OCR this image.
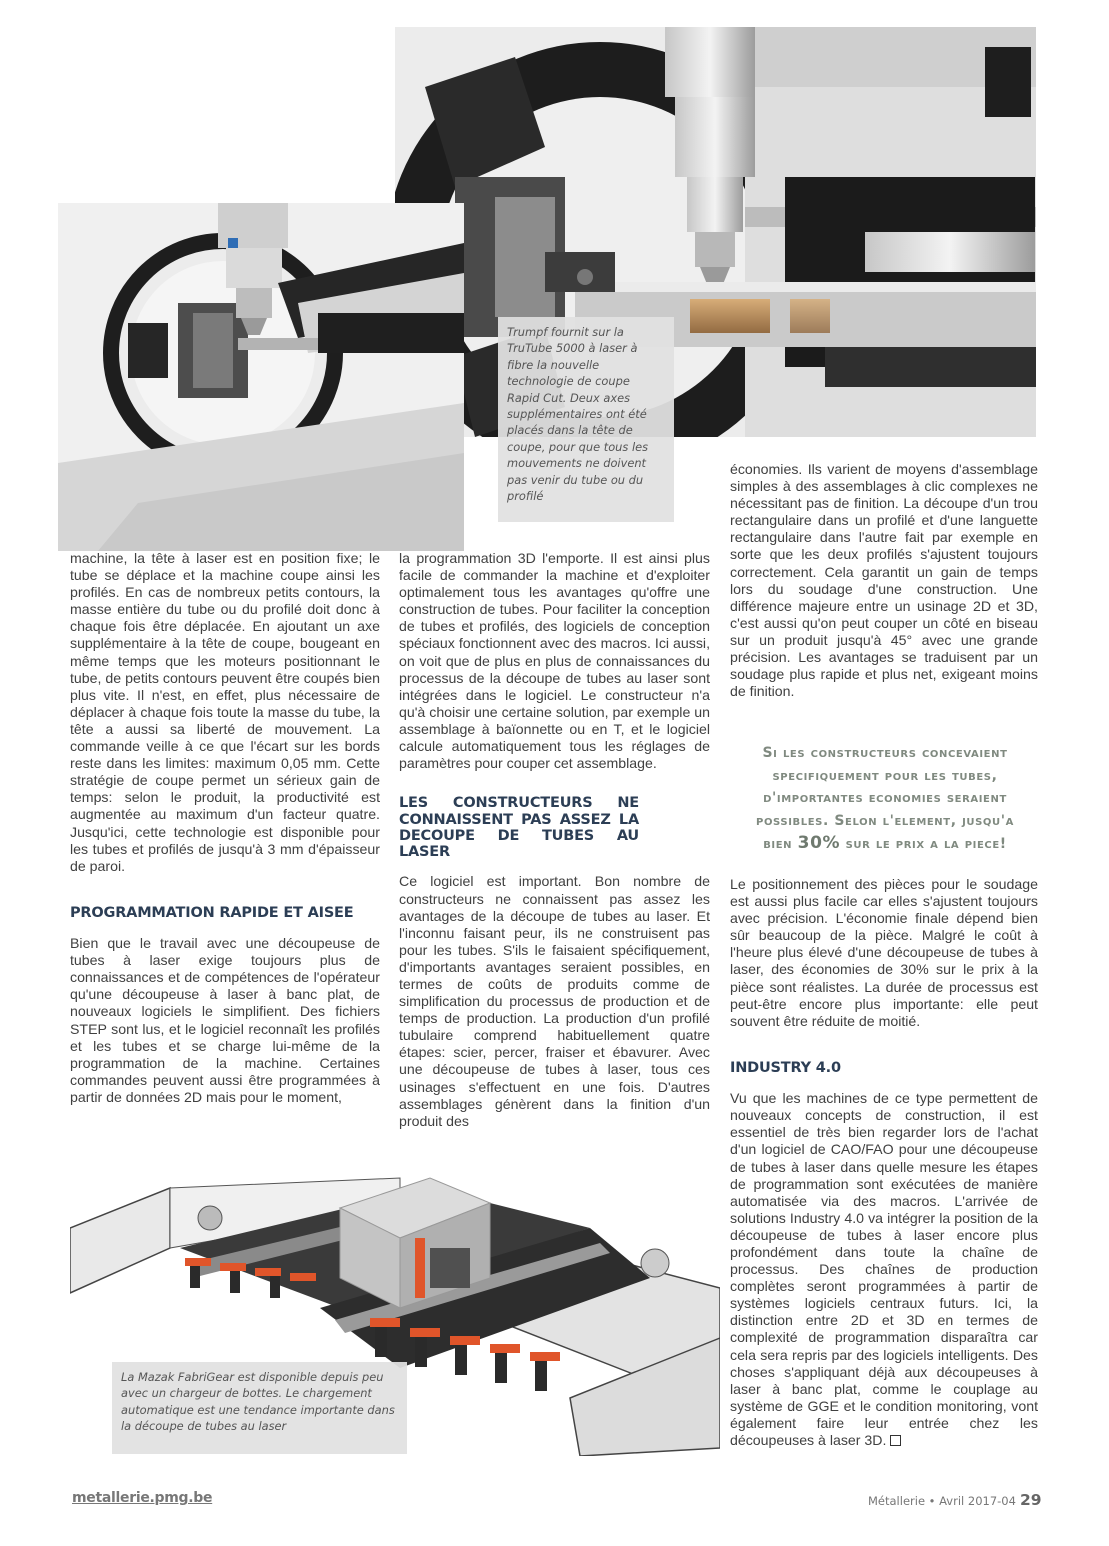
Trumpf fournit sur la TruTube 5000 à laser à fibre la nouvelle technologie de coupe Rapid Cut. Deux axes supplémentaires ont été placés dans la tête de coupe, pour que tous les mouvements ne doivent pas venir du tube ou du profilé

machine, la tête à laser est en position fixe; le tube se déplace et la machine coupe ainsi les profilés. En cas de nombreux petits contours, la masse entière du tube ou du profilé doit donc à chaque fois être déplacée. En ajoutant un axe supplémentaire à la tête de coupe, bougeant en même temps que les moteurs positionnant le tube, de petits contours peuvent être coupés bien plus vite. Il n'est, en effet, plus nécessaire de déplacer à chaque fois toute la masse du tube, la tête a aussi sa liberté de mouvement. La commande veille à ce que l'écart sur les bords reste dans les limites: maximum 0,05 mm. Cette stratégie de coupe permet un sérieux gain de temps: selon le produit, la productivité est augmentée au maximum d'un facteur quatre. Jusqu'ici, cette technologie est disponible pour les tubes et profilés de jusqu'à 3 mm d'épaisseur de paroi.

PROGRAMMATION RAPIDE ET AISEE

Bien que le travail avec une découpeuse de tubes à laser exige toujours plus de connaissances et de compétences de l'opérateur qu'une découpeuse à laser à banc plat, de nouveaux logiciels le simplifient. Des fichiers STEP sont lus, et le logiciel reconnaît les profilés et les tubes et se charge lui-même de la programmation de la machine. Certaines commandes peuvent aussi être programmées à partir de données 2D mais pour le moment,

la programmation 3D l'emporte. Il est ainsi plus facile de commander la machine et d'exploiter optimalement tous les avantages qu'offre une construction de tubes. Pour faciliter la conception de tubes et profilés, des logiciels de conception spéciaux fonctionnent avec des macros. Ici aussi, on voit que de plus en plus de connaissances du processus de la découpe de tubes au laser sont intégrées dans le logiciel. Le constructeur n'a qu'à choisir une certaine solution, par exemple un assemblage à baïonnette ou en T, et le logiciel calcule automatiquement tous les réglages de paramètres pour couper cet assemblage.

LES CONSTRUCTEURS NE CONNAISSENT PAS ASSEZ LA DECOUPE DE TUBES AU LASER

Ce logiciel est important. Bon nombre de constructeurs ne connaissent pas assez les avantages de la découpe de tubes au laser. Et l'inconnu faisant peur, ils ne construisent pas pour les tubes. S'ils le faisaient spécifiquement, d'importants avantages seraient possibles, en termes de coûts de produits comme de simplification du processus de production et de temps de production. La production d'un profilé tubulaire comprend habituellement quatre étapes: scier, percer, fraiser et ébavurer. Avec une découpeuse de tubes à laser, tous ces usinages s'effectuent en une fois. D'autres assemblages génèrent dans la finition d'un produit des

économies. Ils varient de moyens d'assemblage simples à des assemblages à clic complexes ne nécessitant pas de finition. La découpe d'un trou rectangulaire dans un profilé et d'une languette rectangulaire dans l'autre fait par exemple en sorte que les deux profilés s'ajustent toujours correctement. Cela garantit un gain de temps lors du soudage d'une construction. Une différence majeure entre un usinage 2D et 3D, c'est aussi qu'on peut couper un côté en biseau sur un produit jusqu'à 45° avec une grande précision. Les avantages se traduisent par un soudage plus rapide et plus net, exigeant moins de finition.

Si les constructeurs concevaient
specifiquement pour les tubes,
d'importantes economies seraient
possibles. Selon l'element, jusqu'a
bien 30% sur le prix a la piece!

Le positionnement des pièces pour le soudage est aussi plus facile car elles s'ajustent toujours avec précision. L'économie finale dépend bien sûr beaucoup de la pièce. Malgré le coût à l'heure plus élevé d'une découpeuse de tubes à laser, des économies de 30% sur le prix à la pièce sont réalistes. La durée de processus est peut-être encore plus importante: elle peut souvent être réduite de moitié.

INDUSTRY 4.0

Vu que les machines de ce type permettent de nouveaux concepts de construction, il est essentiel de très bien regarder lors de l'achat d'un logiciel de CAO/FAO pour une découpeuse de tubes à laser dans quelle mesure les étapes de programmation sont exécutées de manière automatisée via des macros. L'arrivée de solutions Industry 4.0 va intégrer la position de la découpeuse de tubes à laser encore plus profondément dans toute la chaîne de processus. Des chaînes de production complètes seront programmées à partir de systèmes logiciels centraux futurs. Ici, la distinction entre 2D et 3D en termes de complexité de programmation disparaîtra car cela sera repris par des logiciels intelligents. Des choses s'appliquant déjà aux découpeuses à laser à banc plat, comme le couplage au système de GGE et le condition monitoring, vont également faire leur entrée chez les découpeuses à laser 3D.

La Mazak FabriGear est disponible depuis peu avec un chargeur de bottes. Le chargement automatique est une tendance importante dans la découpe de tubes au laser
metallerie.pmg.be	Métallerie • Avril 2017-04 29
